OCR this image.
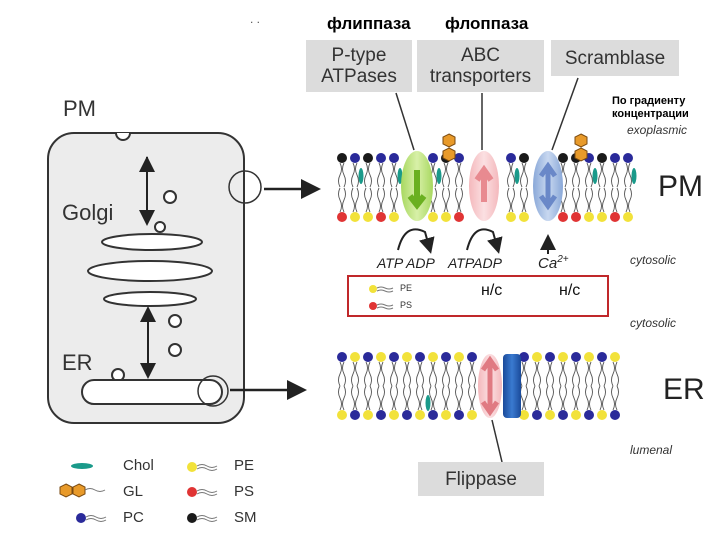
. .	флиппаза флоппаза
P-type
ATPases
ABC
transporters
Scramblase
По градиенту
концентрации
exoplasmic
PM
Golgi
ER
PM
ER
cytosolic
cytosolic
lumenal
ATP ADP ATPADP $Ca^{2+}$
PE
PS
н/с	н/с
Flippase
Chol
GL
PC
PE
PS
SM
